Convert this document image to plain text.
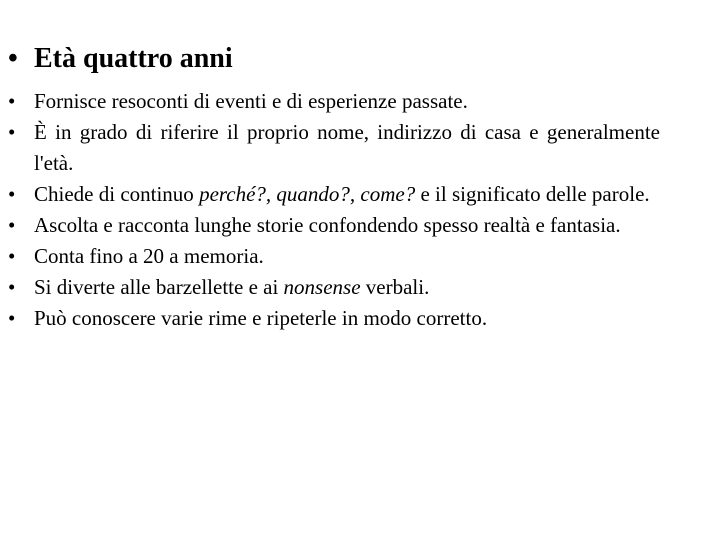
• Età quattro anni
• Fornisce resoconti di eventi e di esperienze passate.
• È in grado di riferire il proprio nome, indirizzo di casa e generalmente l'età.
• Chiede di continuo perché?, quando?, come? e il significato delle parole.
• Ascolta e racconta lunghe storie confondendo spesso realtà e fantasia.
• Conta fino a 20 a memoria.
• Si diverte alle barzellette e ai nonsense verbali.
• Può conoscere varie rime e ripeterle in modo corretto.
